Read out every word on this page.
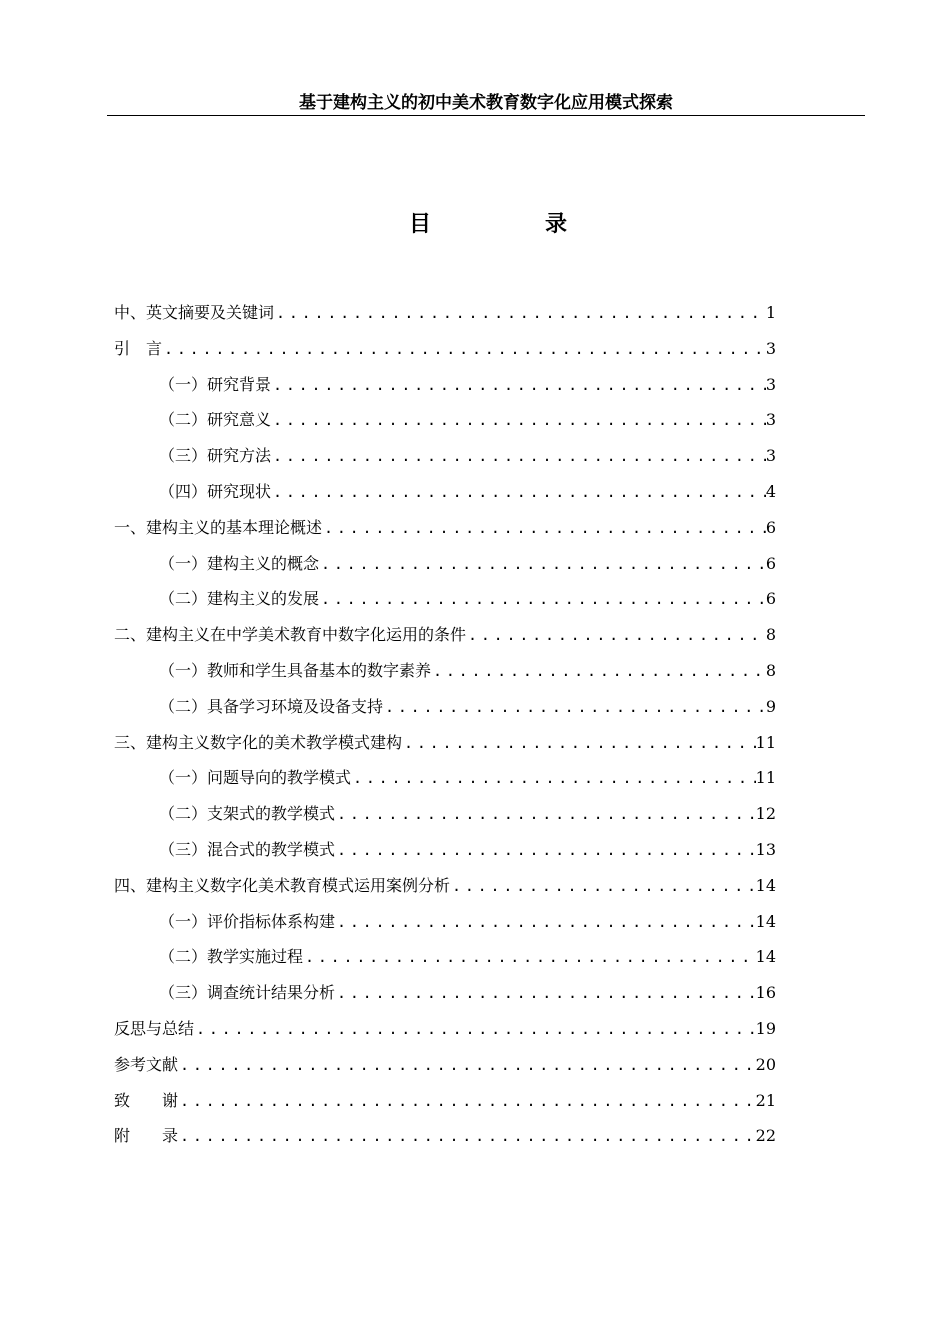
基于建构主义的初中美术教育数字化应用模式探索
目　录
中、英文摘要及关键词 .....	1
引　言 .....	3
（一）研究背景 .....	3
（二）研究意义 .....	3
（三）研究方法 .....	3
（四）研究现状 .....	4
一、建构主义的基本理论概述 .....	6
（一）建构主义的概念 .....	6
（二）建构主义的发展 .....	6
二、建构主义在中学美术教育中数字化运用的条件 .....	8
（一）教师和学生具备基本的数字素养 .....	8
（二）具备学习环境及设备支持 .....	9
三、建构主义数字化的美术教学模式建构 .....	11
（一）问题导向的教学模式 .....	11
（二）支架式的教学模式 .....	12
（三）混合式的教学模式 .....	13
四、建构主义数字化美术教育模式运用案例分析 .....	14
（一）评价指标体系构建 .....	14
（二）教学实施过程 .....	14
（三）调查统计结果分析 .....	16
反思与总结 .....	19
参考文献 .....	20
致　　谢 .....	21
附　　录 .....	22
